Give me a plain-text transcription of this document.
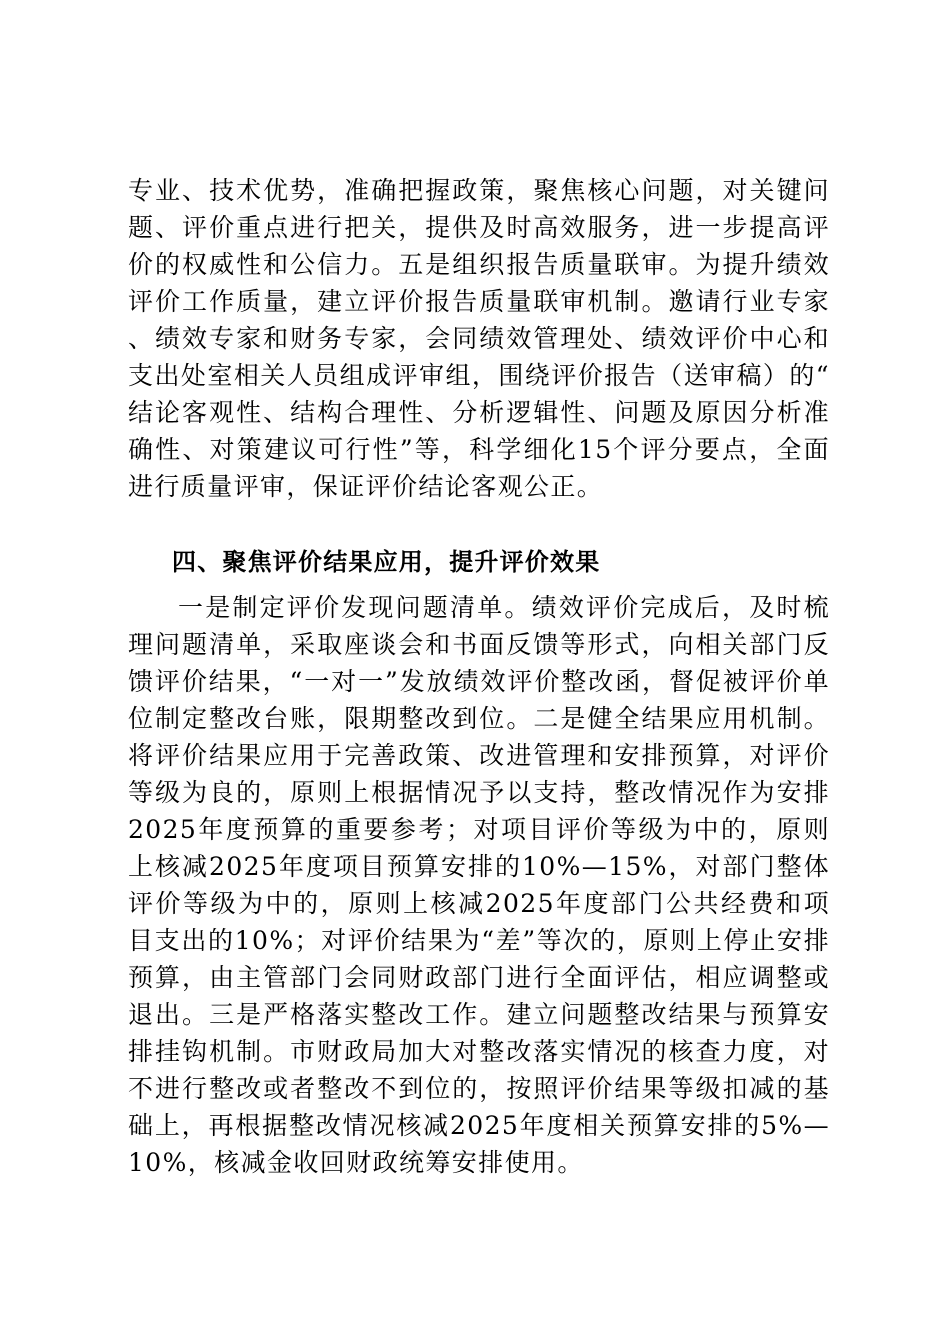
专业、技术优势，准确把握政策，聚焦核心问题，对关键问题、评价重点进行把关，提供及时高效服务，进一步提高评价的权威性和公信力。五是组织报告质量联审。为提升绩效评价工作质量，建立评价报告质量联审机制。邀请行业专家、绩效专家和财务专家，会同绩效管理处、绩效评价中心和支出处室相关人员组成评审组，围绕评价报告（送审稿）的“结论客观性、结构合理性、分析逻辑性、问题及原因分析准确性、对策建议可行性”等，科学细化15个评分要点，全面进行质量评审，保证评价结论客观公正。

四、聚焦评价结果应用，提升评价效果

一是制定评价发现问题清单。绩效评价完成后，及时梳理问题清单，采取座谈会和书面反馈等形式，向相关部门反馈评价结果，“一对一”发放绩效评价整改函，督促被评价单位制定整改台账，限期整改到位。二是健全结果应用机制。将评价结果应用于完善政策、改进管理和安排预算，对评价等级为良的，原则上根据情况予以支持，整改情况作为安排2025年度预算的重要参考；对项目评价等级为中的，原则上核减2025年度项目预算安排的10%—15%，对部门整体评价等级为中的，原则上核减2025年度部门公共经费和项目支出的10%；对评价结果为“差”等次的，原则上停止安排预算，由主管部门会同财政部门进行全面评估，相应调整或退出。三是严格落实整改工作。建立问题整改结果与预算安排挂钩机制。市财政局加大对整改落实情况的核查力度，对不进行整改或者整改不到位的，按照评价结果等级扣减的基础上，再根据整改情况核减2025年度相关预算安排的5%—10%，核减金收回财政统筹安排使用。
